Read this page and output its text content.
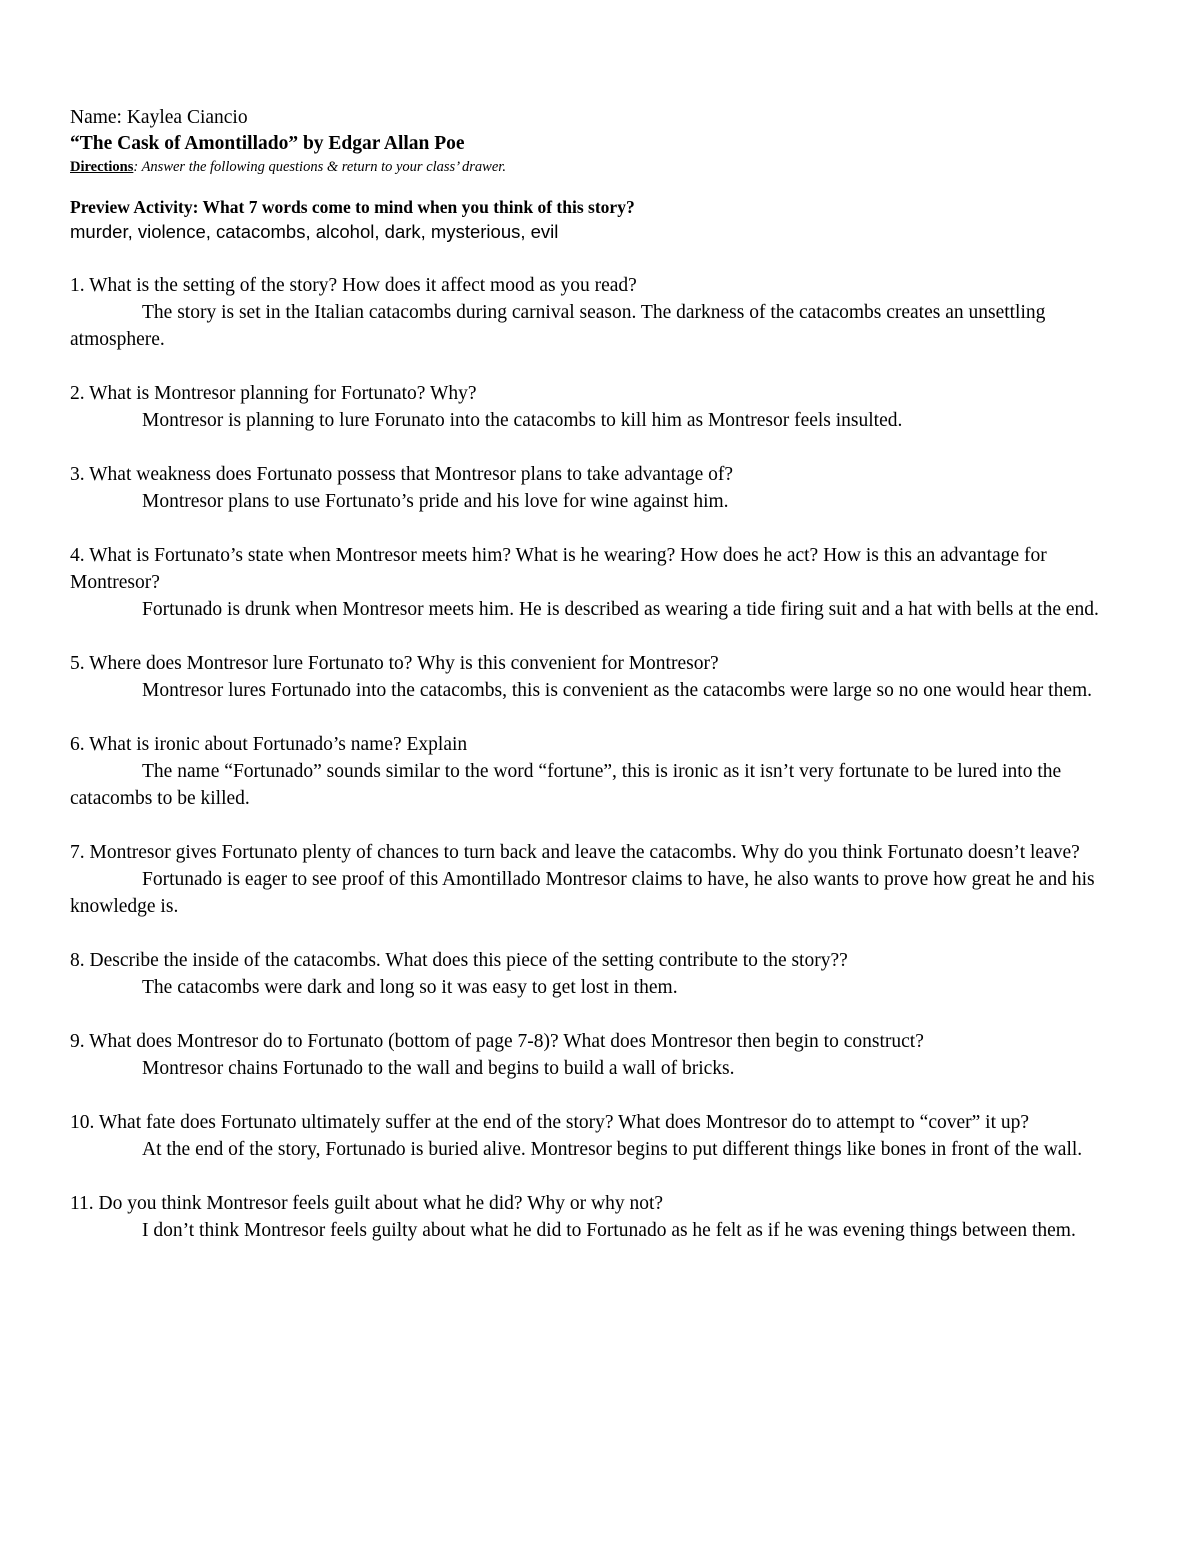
Name: Kaylea Ciancio
“The Cask of Amontillado” by Edgar Allan Poe
Directions: Answer the following questions & return to your class’ drawer.
Preview Activity: What 7 words come to mind when you think of this story?
murder, violence, catacombs, alcohol, dark, mysterious, evil
1. What is the setting of the story? How does it affect mood as you read?
The story is set in the Italian catacombs during carnival season. The darkness of the catacombs creates an unsettling atmosphere.
2. What is Montresor planning for Fortunato? Why?
Montresor is planning to lure Forunato into the catacombs to kill him as Montresor feels insulted.
3. What weakness does Fortunato possess that Montresor plans to take advantage of?
Montresor plans to use Fortunato’s pride and his love for wine against him.
4. What is Fortunato’s state when Montresor meets him? What is he wearing? How does he act? How is this an advantage for Montresor?
Fortunado is drunk when Montresor meets him. He is described as wearing a tide firing suit and a hat with bells at the end.
5. Where does Montresor lure Fortunato to? Why is this convenient for Montresor?
Montresor lures Fortunado into the catacombs, this is convenient as the catacombs were large so no one would hear them.
6. What is ironic about Fortunado’s name? Explain
The name “Fortunado” sounds similar to the word “fortune”, this is ironic as it isn’t very fortunate to be lured into the catacombs to be killed.
7. Montresor gives Fortunato plenty of chances to turn back and leave the catacombs. Why do you think Fortunato doesn’t leave?
Fortunado is eager to see proof of this Amontillado Montresor claims to have, he also wants to prove how great he and his knowledge is.
8. Describe the inside of the catacombs. What does this piece of the setting contribute to the story??
The catacombs were dark and long so it was easy to get lost in them.
9. What does Montresor do to Fortunato (bottom of page 7-8)? What does Montresor then begin to construct?
Montresor chains Fortunado to the wall and begins to build a wall of bricks.
10. What fate does Fortunato ultimately suffer at the end of the story? What does Montresor do to attempt to “cover” it up?
At the end of the story, Fortunado is buried alive. Montresor begins to put different things like bones in front of the wall.
11. Do you think Montresor feels guilt about what he did? Why or why not?
I don’t think Montresor feels guilty about what he did to Fortunado as he felt as if he was evening things between them.
